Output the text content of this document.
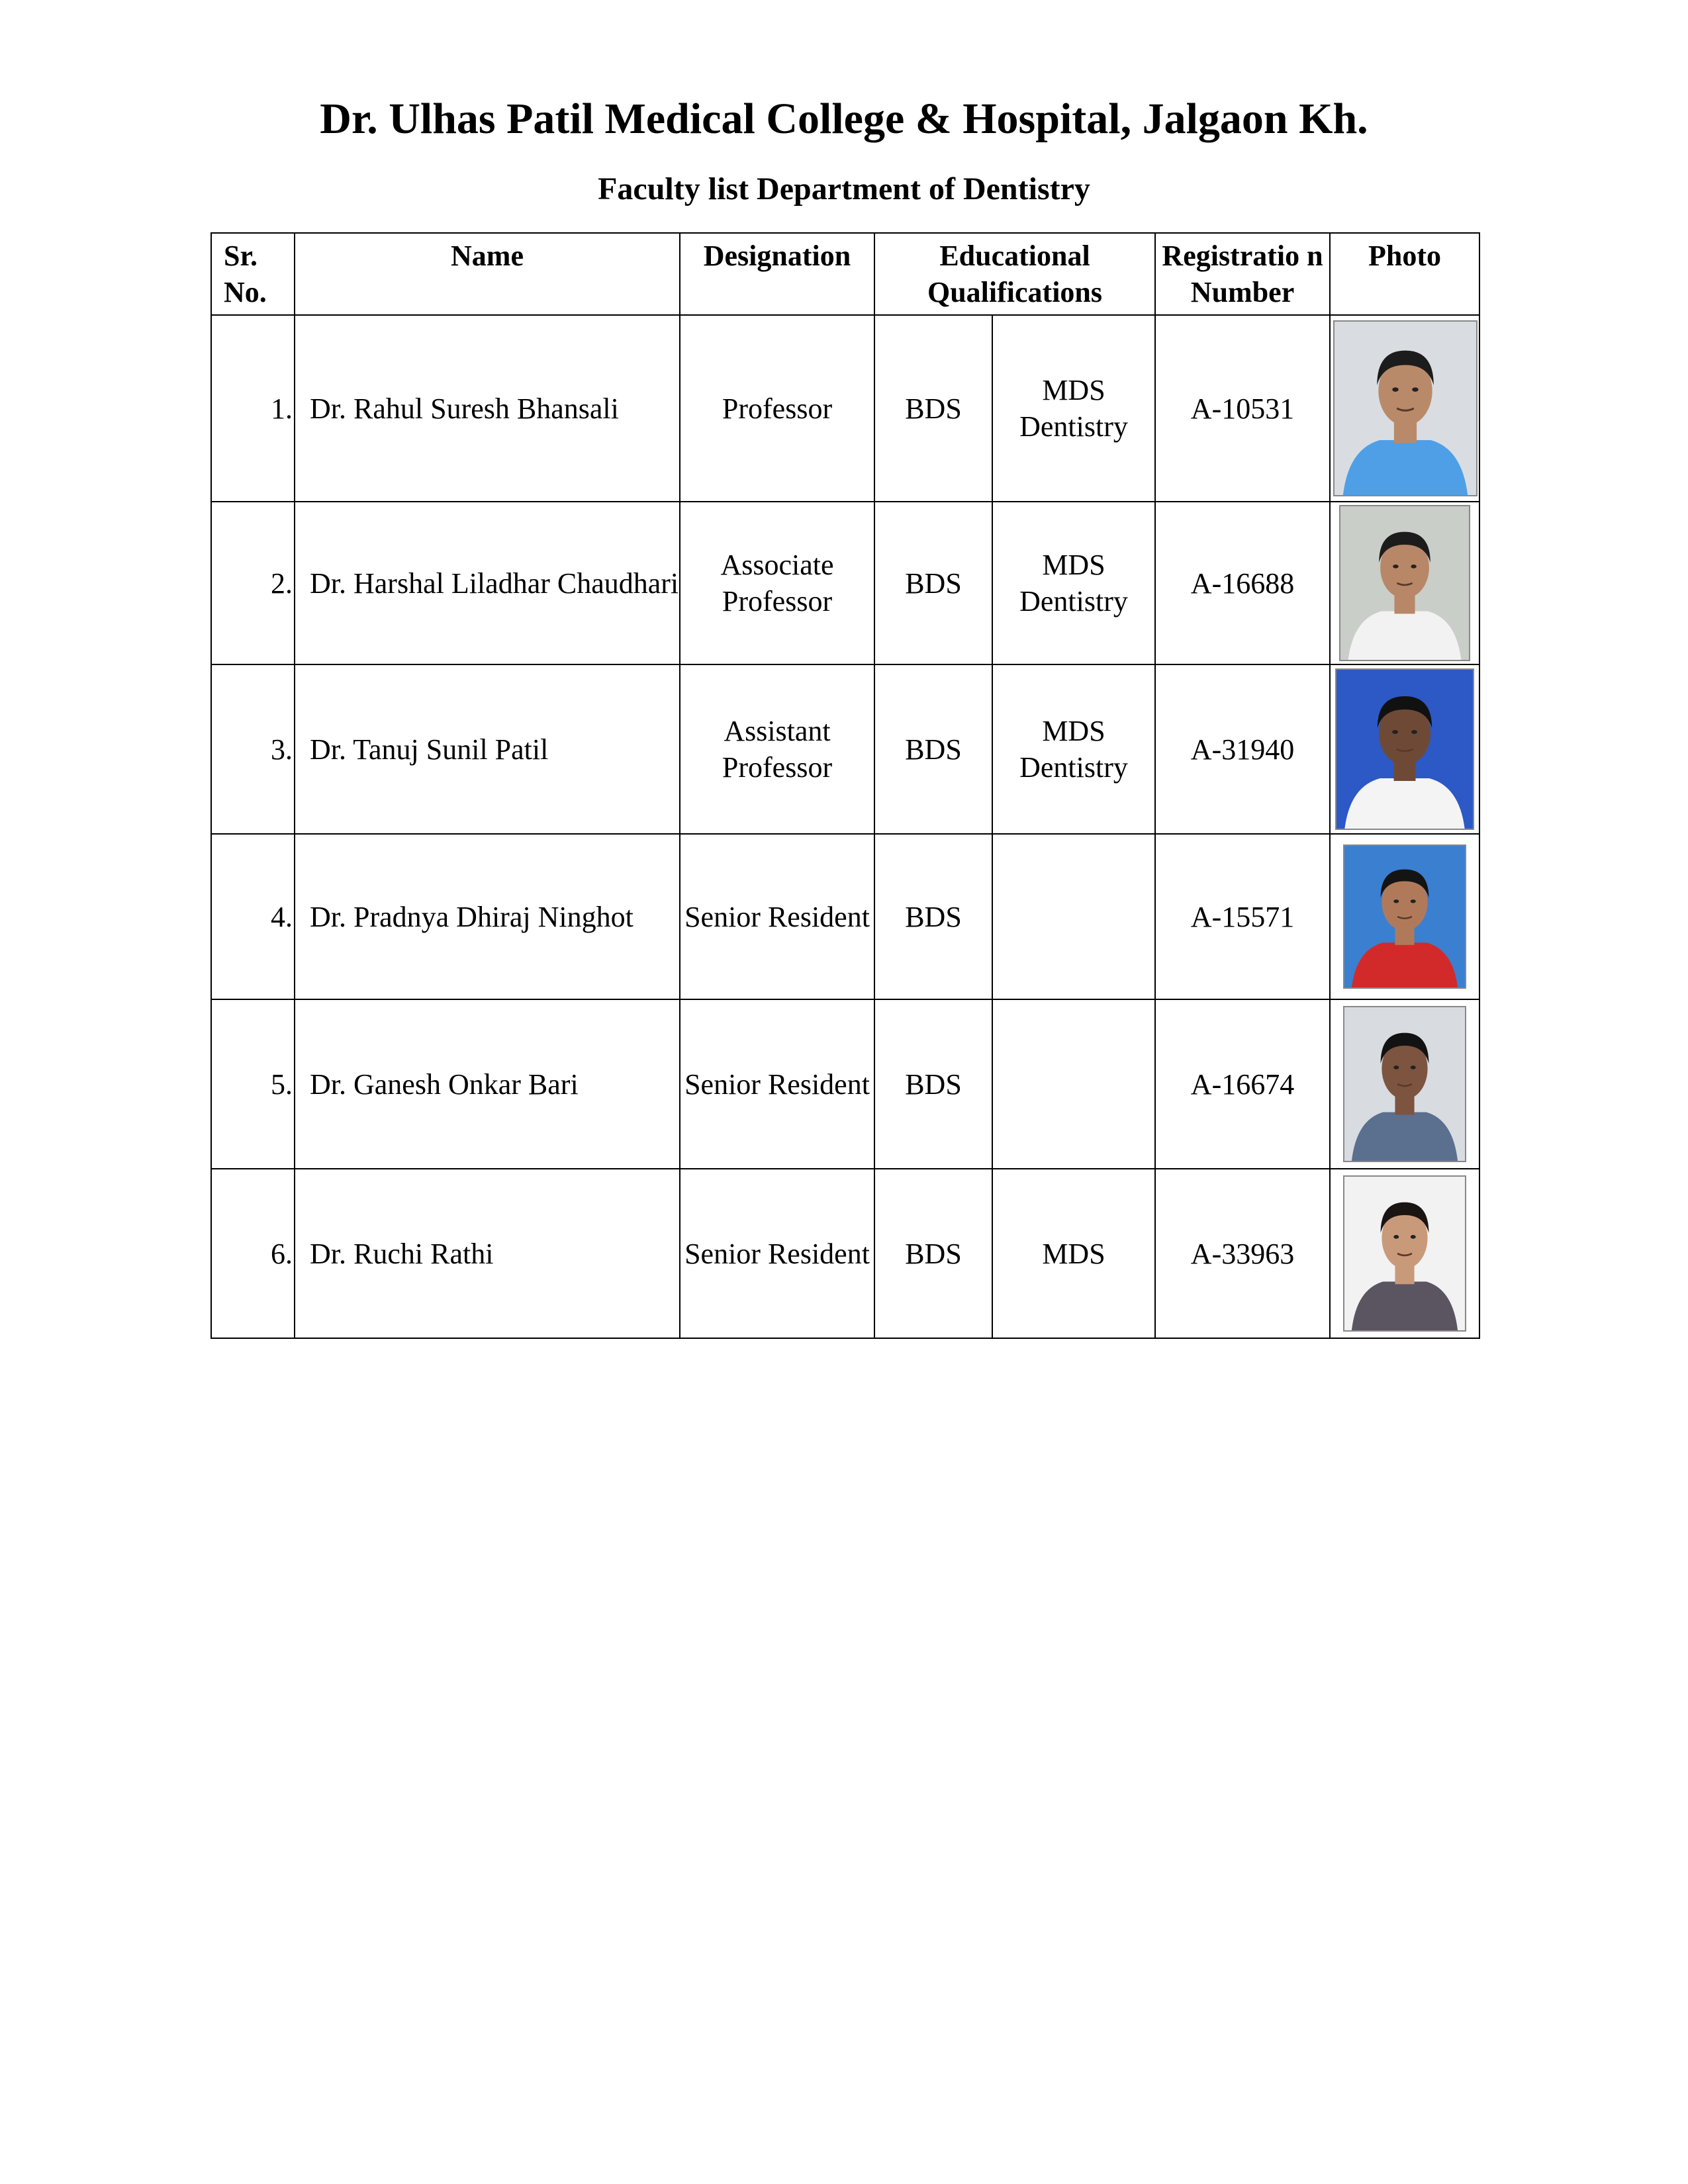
Dr. Ulhas Patil Medical College & Hospital, Jalgaon Kh.
Faculty list Department of Dentistry
Sr. No.	Name	Designation	Educational Qualifications		Registratio n Number	Photo
1.	Dr. Rahul Suresh Bhansali	Professor	BDS	MDS Dentistry	A-10531	

2.	Dr. Harshal Liladhar Chaudhari	Associate Professor	BDS	MDS Dentistry	A-16688	

3.	Dr. Tanuj Sunil Patil	Assistant Professor	BDS	MDS Dentistry	A-31940	

4.	Dr. Pradnya Dhiraj Ninghot	Senior Resident	BDS		A-15571	

5.	Dr. Ganesh Onkar Bari	Senior Resident	BDS		A-16674	

6.	Dr. Ruchi Rathi	Senior Resident	BDS	MDS	A-33963	
